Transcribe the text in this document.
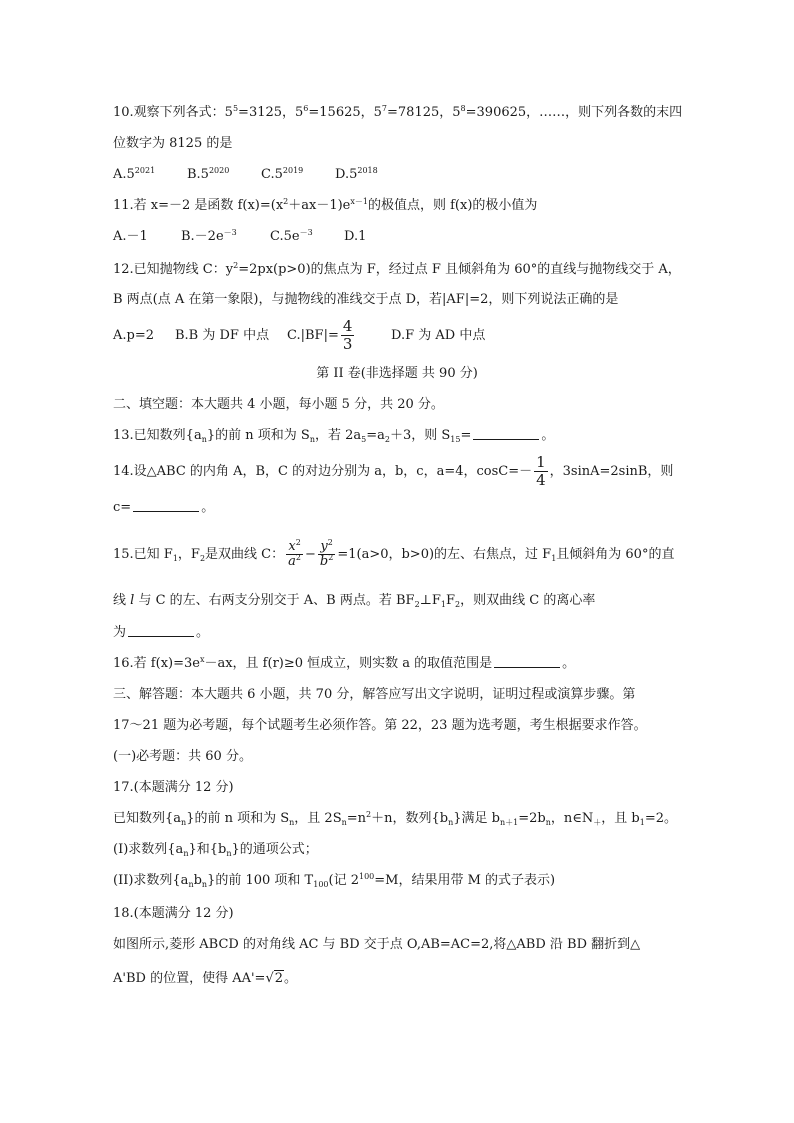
10.观察下列各式：$5^5=3125$，$5^6=15625$，$5^7=78125$，$5^8=390625$，……，则下列各数的末四
位数字为 8125 的是
$A.5^{2021}$ $B.5^{2020}$ $C.5^{2019}$ $D.5^{2018}$
11.若 x=－2 是函数 $f(x)=(x^2+ax-1)e^{x-1}$的极值点，则 f(x)的极小值为
A.－1	$B.-2e^{-3}$	$C.5e^{-3}$ D.1
12.已知抛物线 C：$y^2=2px(p>0)$的焦点为 F，经过点 F 且倾斜角为 60°的直线与抛物线交于 A，
B 两点(点 A 在第一象限)，与抛物线的准线交于点 D，若|AF|=2，则下列说法正确的是
A.p=2 B.B 为 DF 中点 $C.|BF|= \frac{4}{3}$	D.F 为 AD 中点
第 II 卷(非选择题 共 90 分)
二、填空题：本大题共 4 小题，每小题 5 分，共 20 分。
13.已知数列$\{a_n\}$的前 n 项和为 $S_n$，若 $2a_5=a_2+3$，则 $S_{15}=$	。
14.设△ABC 的内角 A，B，C 的对边分别为 a，b，c，a=4，$\cos C=- \frac{1}{4}$ ，3sinA=2sinB，则
c=	。
15.已知 $F_1$，$F_2$是双曲线 C： $\frac{x^2}{a^2} - \frac{y^2}{b^2} =1(a>0$，b>0)的左、右焦点，过 $F_1$且倾斜角为 60°的直
线 l 与 C 的左、右两支分别交于 A、B 两点。若 $BF_2\perp F_1F_2$，则双曲线 C 的离心率
为	。
16.若 $f(x)=3e^x-ax$，且 f(r)≥0 恒成立，则实数 a 的取值范围是	。
三、解答题：本大题共 6 小题，共 70 分，解答应写出文字说明，证明过程或演算步骤。第
17～21 题为必考题，每个试题考生必须作答。第 22，23 题为选考题，考生根据要求作答。
(一)必考题：共 60 分。
17.(本题满分 12 分)
已知数列$\{a_n\}$的前 n 项和为 $S_n$，且 $2S_n=n^2+n$，数列$\{b_n\}$满足 $b_{n+1}=2b_n$，$n\in N_+$，且 $b_1=2$。
(I)求数列$\{a_n\}$和$\{b_n\}$的通项公式；
(II)求数列$\{a_nb_n\}$的前 100 项和 $T_{100}$(记 $2^{100}=M$，结果用带 M 的式子表示)
18.(本题满分 12 分)
如图所示,菱形 ABCD 的对角线 AC 与 BD 交于点 O,AB=AC=2,将△ABD 沿 BD 翻折到△
A'BD 的位置，使得 AA'=√2。
